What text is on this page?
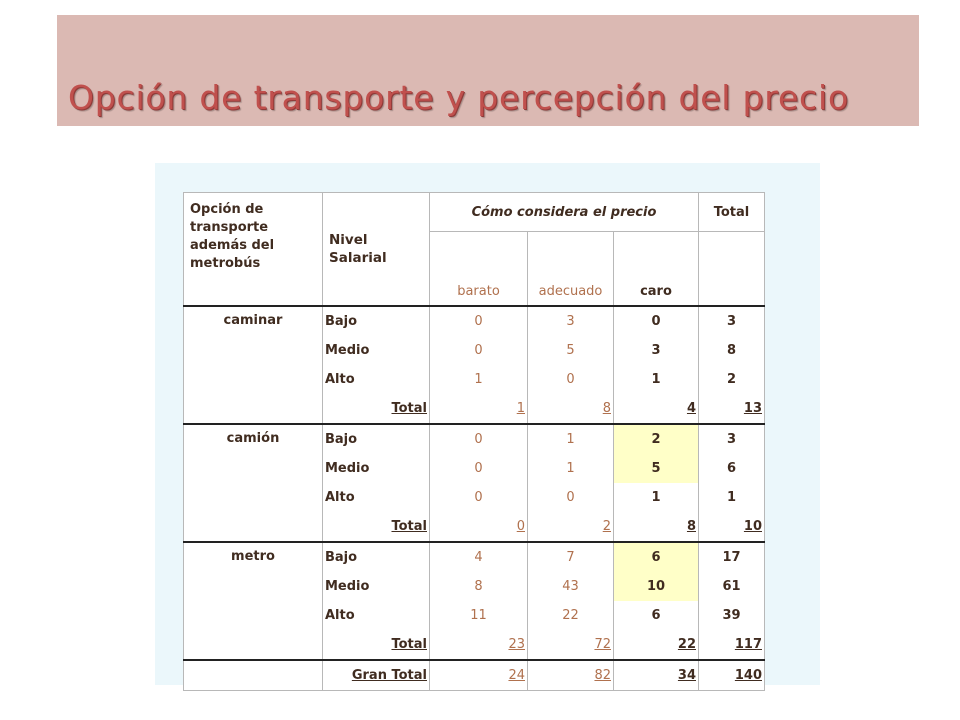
Opción de transporte y percepción del precio
Opción de transporte además del metrobús	Nivel Salarial	Cómo considera el precio			Total
		barato	adecuado	caro	
caminar	Bajo	0	3	0	3
	Medio	0	5	3	8
	Alto	1	0	1	2
	Total	1	8	4	13
camión	Bajo	0	1	2	3
	Medio	0	1	5	6
	Alto	0	0	1	1
	Total	0	2	8	10
metro	Bajo	4	7	6	17
	Medio	8	43	10	61
	Alto	11	22	6	39
	Total	23	72	22	117
	Gran Total	24	82	34	140
